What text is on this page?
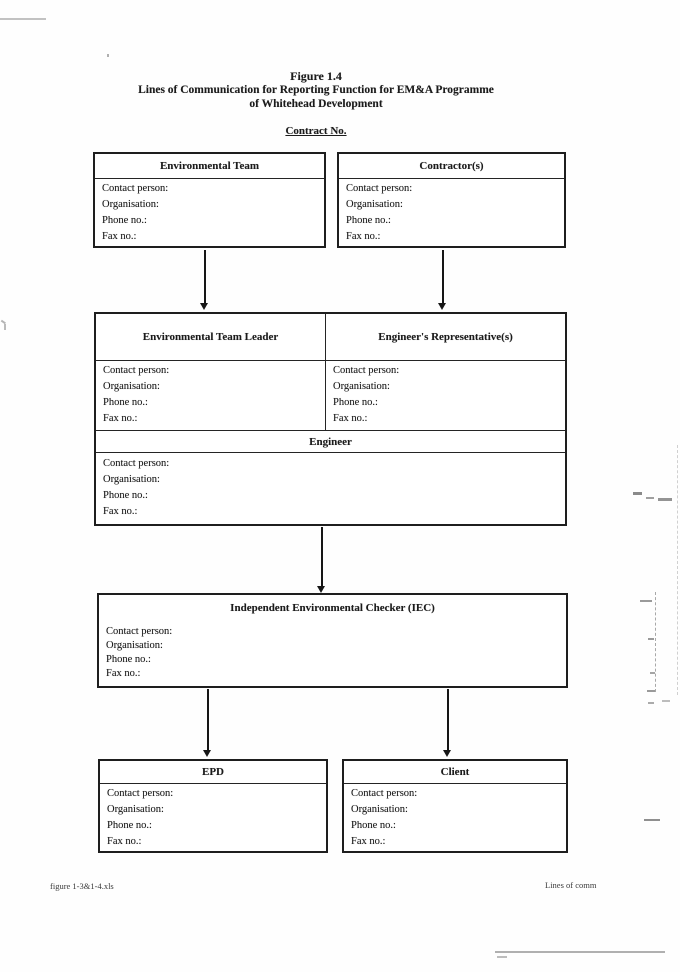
Figure 1.4
Lines of Communication for Reporting Function for EM&A Programme
of Whitehead Development
Contract No.
Environmental Team
Contact person:
Organisation:
Phone no.:
Fax no.:
Contractor(s)
Contact person:
Organisation:
Phone no.:
Fax no.:
Environmental Team Leader
Contact person:
Organisation:
Phone no.:
Fax no.:
Engineer's Representative(s)
Contact person:
Organisation:
Phone no.:
Fax no.:
Engineer
Contact person:
Organisation:
Phone no.:
Fax no.:
Independent Environmental Checker (IEC)
Contact person:
Organisation:
Phone no.:
Fax no.:
EPD
Contact person:
Organisation:
Phone no.:
Fax no.:
Client
Contact person:
Organisation:
Phone no.:
Fax no.:
figure 1-3&1-4.xls	Lines of comm
